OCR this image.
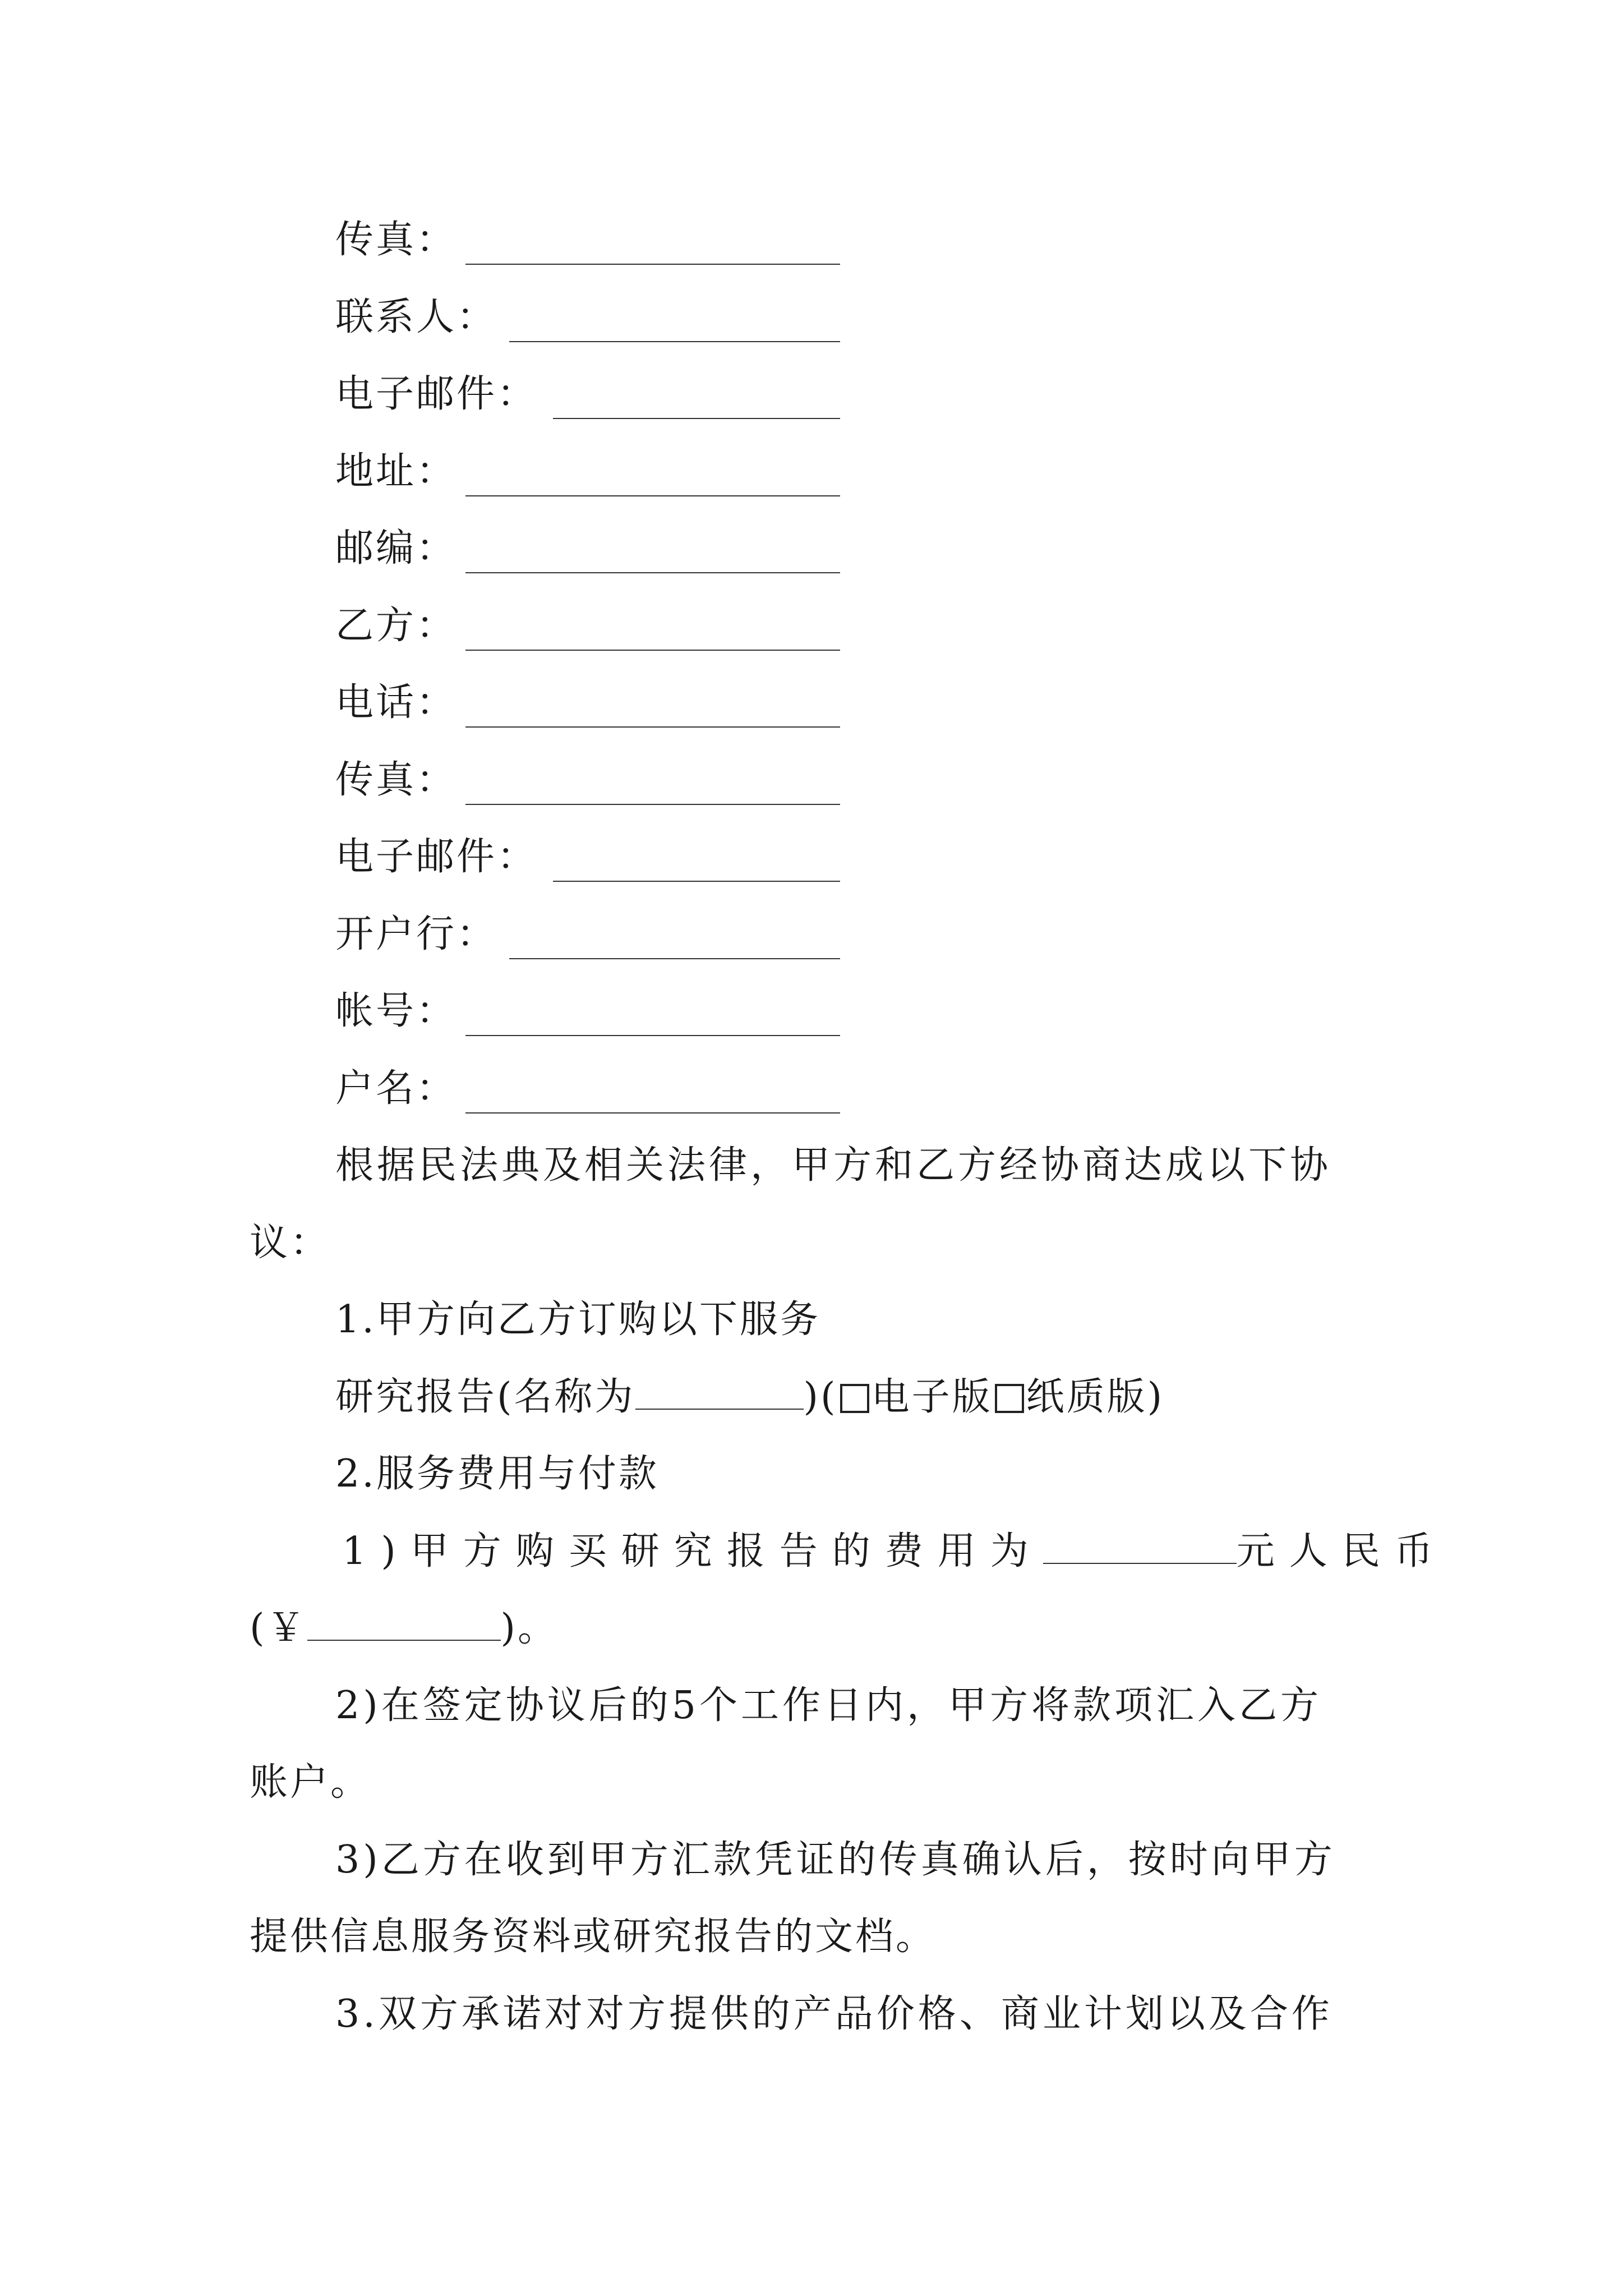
传真：
联系人：
电子邮件：
地址：
邮编：
乙方：
电话：
传真：
电子邮件：
开户行：
帐号：
户名：
根据民法典及相关法律，甲方和乙方经协商达成以下协
议：
1.甲方向乙方订购以下服务
研究报告(名称为	)( 电子版 纸质版)
2.服务费用与付款
1)甲方购买研究报告的费用为	元人民币
(￥	)。
2)在签定协议后的5个工作日内，甲方将款项汇入乙方
账户。
3)乙方在收到甲方汇款凭证的传真确认后，按时向甲方
提供信息服务资料或研究报告的文档。
3.双方承诺对对方提供的产品价格、商业计划以及合作
